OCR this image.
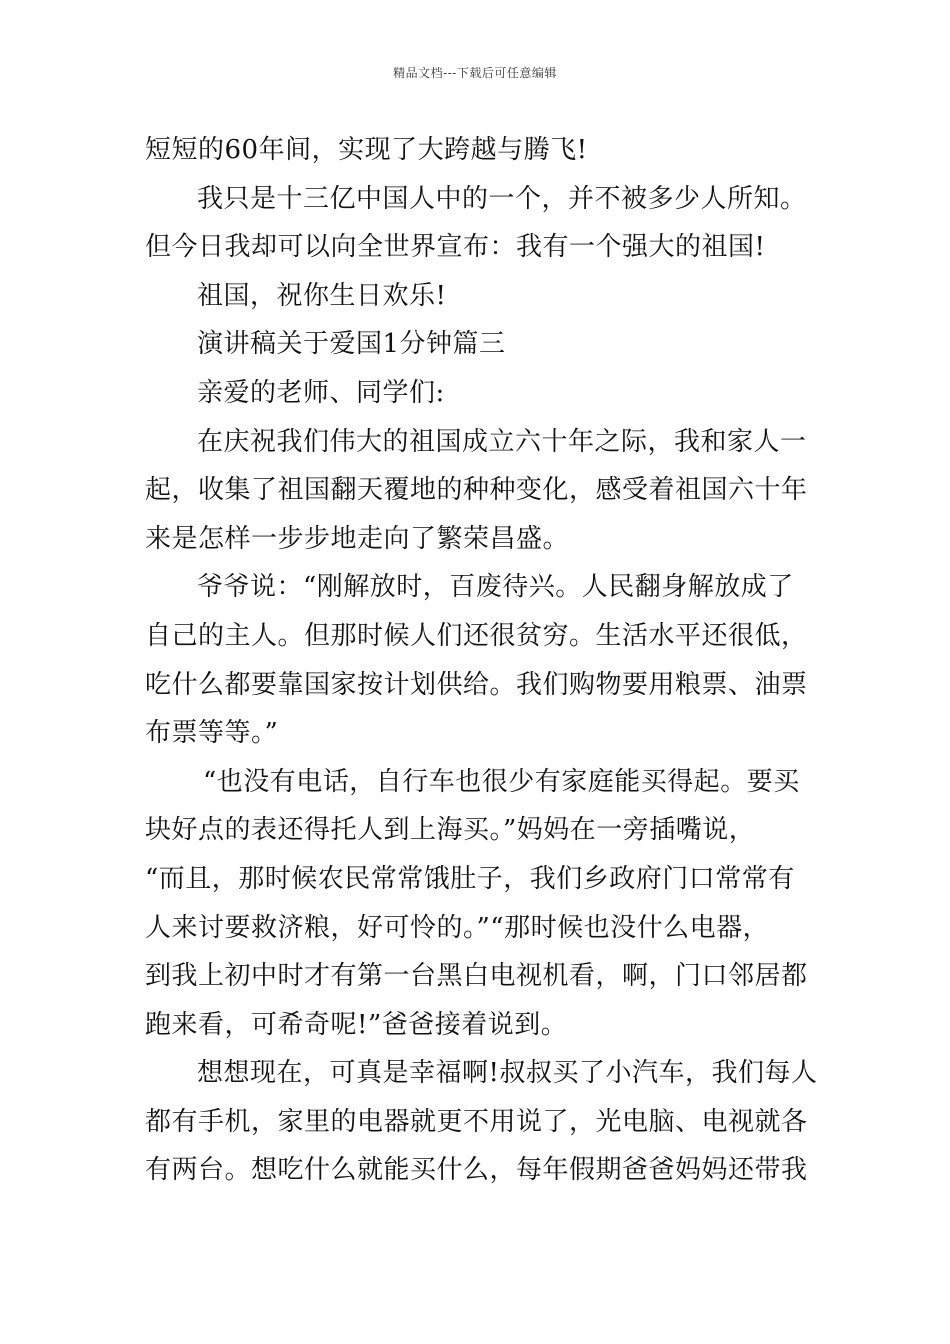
精品文档---下载后可任意编辑
短短的60年间，实现了大跨越与腾飞!
我只是十三亿中国人中的一个，并不被多少人所知。
但今日我却可以向全世界宣布：我有一个强大的祖国!
祖国，祝你生日欢乐!
演讲稿关于爱国1分钟篇三
亲爱的老师、同学们:
在庆祝我们伟大的祖国成立六十年之际，我和家人一
起，收集了祖国翻天覆地的种种变化，感受着祖国六十年
来是怎样一步步地走向了繁荣昌盛。
爷爷说：“刚解放时，百废待兴。人民翻身解放成了
自己的主人。但那时候人们还很贫穷。生活水平还很低，
吃什么都要靠国家按计划供给。我们购物要用粮票、油票
布票等等。”
“也没有电话，自行车也很少有家庭能买得起。要买
块好点的表还得托人到上海买。”妈妈在一旁插嘴说，
“而且，那时候农民常常饿肚子，我们乡政府门口常常有
人来讨要救济粮，好可怜的。”“那时候也没什么电器，
到我上初中时才有第一台黑白电视机看，啊，门口邻居都
跑来看，可希奇呢!”爸爸接着说到。
想想现在，可真是幸福啊!叔叔买了小汽车，我们每人
都有手机，家里的电器就更不用说了，光电脑、电视就各
有两台。想吃什么就能买什么，每年假期爸爸妈妈还带我
